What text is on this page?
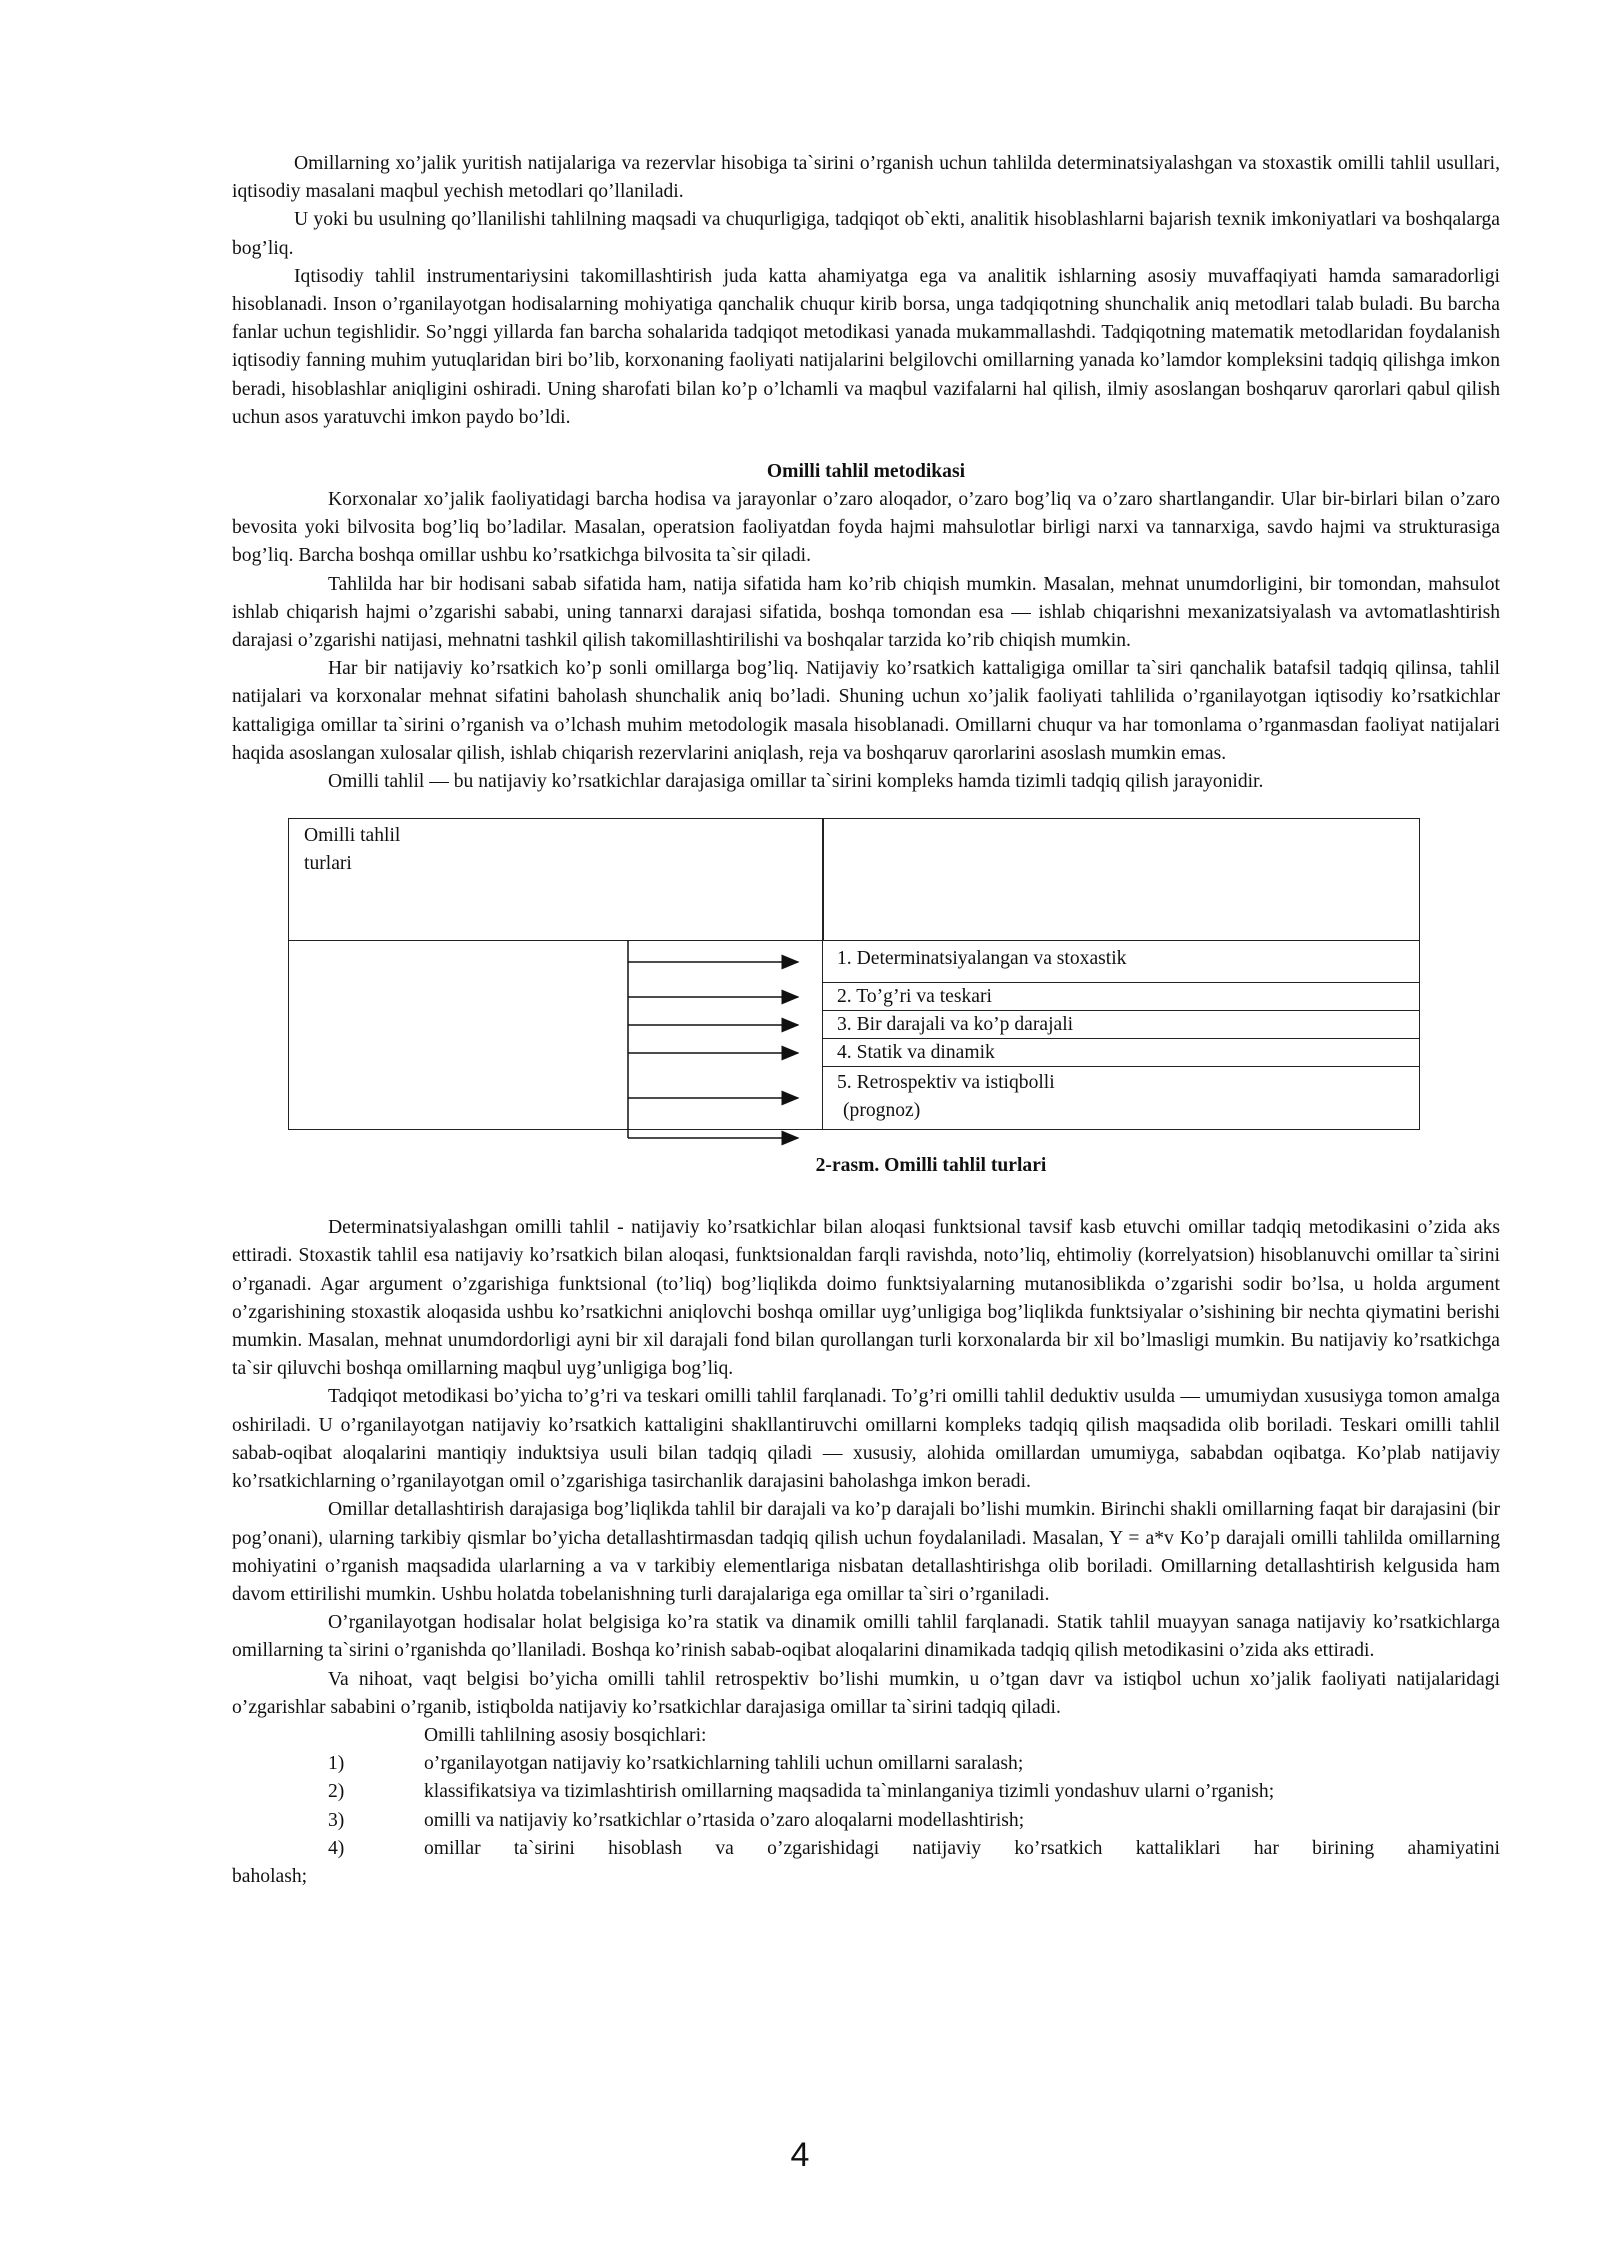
Omillarning xo’jalik yuritish natijalariga va rezervlar hisobiga ta`sirini o’rganish uchun tahlilda determinatsiyalashgan va stoxastik omilli tahlil usullari, iqtisodiy masalani maqbul yechish metodlari qo’llaniladi.

U yoki bu usulning qo’llanilishi tahlilning maqsadi va chuqurligiga, tadqiqot ob`ekti, analitik hisoblashlarni bajarish texnik imkoniyatlari va boshqalarga bog’liq.

Iqtisodiy tahlil instrumentariysini takomillashtirish juda katta ahamiyatga ega va analitik ishlarning asosiy muvaffaqiyati hamda samaradorligi hisoblanadi. Inson o’rganilayotgan hodisalarning mohiyatiga qanchalik chuqur kirib borsa, unga tadqiqotning shunchalik aniq metodlari talab buladi. Bu barcha fanlar uchun tegishlidir. So’nggi yillarda fan barcha sohalarida tadqiqot metodikasi yanada mukammallashdi. Tadqiqotning matematik metodlaridan foydalanish iqtisodiy fanning muhim yutuqlaridan biri bo’lib, korxonaning faoliyati natijalarini belgilovchi omillarning yanada ko’lamdor kompleksini tadqiq qilishga imkon beradi, hisoblashlar aniqligini oshiradi. Uning sharofati bilan ko’p o’lchamli va maqbul vazifalarni hal qilish, ilmiy asoslangan boshqaruv qarorlari qabul qilish uchun asos yaratuvchi imkon paydo bo’ldi.

Omilli tahlil metodikasi

Korxonalar xo’jalik faoliyatidagi barcha hodisa va jarayonlar o’zaro aloqador, o’zaro bog’liq va o’zaro shartlangandir. Ular bir-birlari bilan o’zaro bevosita yoki bilvosita bog’liq bo’ladilar. Masalan, operatsion faoliyatdan foyda hajmi mahsulotlar birligi narxi va tannarxiga, savdo hajmi va strukturasiga bog’liq. Barcha boshqa omillar ushbu ko’rsatkichga bilvosita ta`sir qiladi.

Tahlilda har bir hodisani sabab sifatida ham, natija sifatida ham ko’rib chiqish mumkin. Masalan, mehnat unumdorligini, bir tomondan, mahsulot ishlab chiqarish hajmi o’zgarishi sababi, uning tannarxi darajasi sifatida, boshqa tomondan esa — ishlab chiqarishni mexanizatsiyalash va avtomatlashtirish darajasi o’zgarishi natijasi, mehnatni tashkil qilish takomillashtirilishi va boshqalar tarzida ko’rib chiqish mumkin.

Har bir natijaviy ko’rsatkich ko’p sonli omillarga bog’liq. Natijaviy ko’rsatkich kattaligiga omillar ta`siri qanchalik batafsil tadqiq qilinsa, tahlil natijalari va korxonalar mehnat sifatini baholash shunchalik aniq bo’ladi. Shuning uchun xo’jalik faoliyati tahlilida o’rganilayotgan iqtisodiy ko’rsatkichlar kattaligiga omillar ta`sirini o’rganish va o’lchash muhim metodologik masala hisoblanadi. Omillarni chuqur va har tomonlama o’rganmasdan faoliyat natijalari haqida asoslangan xulosalar qilish, ishlab chiqarish rezervlarini aniqlash, reja va boshqaruv qarorlarini asoslash mumkin emas.

Omilli tahlil — bu natijaviy ko’rsatkichlar darajasiga omillar ta`sirini kompleks hamda tizimli tadqiq qilish jarayonidir.

Omilli tahlil
turlari
1. Determinatsiyalangan va stoxastik
2. To’g’ri va teskari
3. Bir darajali va ko’p darajali
4. Statik va dinamik
5. Retrospektiv va istiqbolli
(prognoz)
2-rasm. Omilli tahlil turlari

Determinatsiyalashgan omilli tahlil - natijaviy ko’rsatkichlar bilan aloqasi funktsional tavsif kasb etuvchi omillar tadqiq metodikasini o’zida aks ettiradi. Stoxastik tahlil esa natijaviy ko’rsatkich bilan aloqasi, funktsionaldan farqli ravishda, noto’liq, ehtimoliy (korrelyatsion) hisoblanuvchi omillar ta`sirini o’rganadi. Agar argument o’zgarishiga funktsional (to’liq) bog’liqlikda doimo funktsiyalarning mutanosiblikda o’zgarishi sodir bo’lsa, u holda argument o’zgarishining stoxastik aloqasida ushbu ko’rsatkichni aniqlovchi boshqa omillar uyg’unligiga bog’liqlikda funktsiyalar o’sishining bir nechta qiymatini berishi mumkin. Masalan, mehnat unumdordorligi ayni bir xil darajali fond bilan qurollangan turli korxonalarda bir xil bo’lmasligi mumkin. Bu natijaviy ko’rsatkichga ta`sir qiluvchi boshqa omillarning maqbul uyg’unligiga bog’liq.

Tadqiqot metodikasi bo’yicha to’g’ri va teskari omilli tahlil farqlanadi. To’g’ri omilli tahlil deduktiv usulda — umumiydan xususiyga tomon amalga oshiriladi. U o’rganilayotgan natijaviy ko’rsatkich kattaligini shakllantiruvchi omillarni kompleks tadqiq qilish maqsadida olib boriladi. Teskari omilli tahlil sabab-oqibat aloqalarini mantiqiy induktsiya usuli bilan tadqiq qiladi — xususiy, alohida omillardan umumiyga, sababdan oqibatga. Ko’plab natijaviy ko’rsatkichlarning o’rganilayotgan omil o’zgarishiga tasirchanlik darajasini baholashga imkon beradi.

Omillar detallashtirish darajasiga bog’liqlikda tahlil bir darajali va ko’p darajali bo’lishi mumkin. Birinchi shakli omillarning faqat bir darajasini (bir pog’onani), ularning tarkibiy qismlar bo’yicha detallashtirmasdan tadqiq qilish uchun foydalaniladi. Masalan, Y = a*v Ko’p darajali omilli tahlilda omillarning mohiyatini o’rganish maqsadida ularlarning a va v tarkibiy elementlariga nisbatan detallashtirishga olib boriladi. Omillarning detallashtirish kelgusida ham davom ettirilishi mumkin. Ushbu holatda tobelanishning turli darajalariga ega omillar ta`siri o’rganiladi.

O’rganilayotgan hodisalar holat belgisiga ko’ra statik va dinamik omilli tahlil farqlanadi. Statik tahlil muayyan sanaga natijaviy ko’rsatkichlarga omillarning ta`sirini o’rganishda qo’llaniladi. Boshqa ko’rinish sabab-oqibat aloqalarini dinamikada tadqiq qilish metodikasini o’zida aks ettiradi.

Va nihoat, vaqt belgisi bo’yicha omilli tahlil retrospektiv bo’lishi mumkin, u o’tgan davr va istiqbol uchun xo’jalik faoliyati natijalaridagi o’zgarishlar sababini o’rganib, istiqbolda natijaviy ko’rsatkichlar darajasiga omillar ta`sirini tadqiq qiladi.

Omilli tahlilning asosiy bosqichlari:

1)	o’rganilayotgan natijaviy ko’rsatkichlarning tahlili uchun omillarni saralash;
2)	klassifikatsiya va tizimlashtirish omillarning maqsadida ta`minlanganiya tizimli yondashuv ularni o’rganish;
3)	omilli va natijaviy ko’rsatkichlar o’rtasida o’zaro aloqalarni modellashtirish;
4)	omillar ta`sirini hisoblash va o’zgarishidagi natijaviy ko’rsatkich kattaliklari har birining ahamiyatini
baholash;
4
